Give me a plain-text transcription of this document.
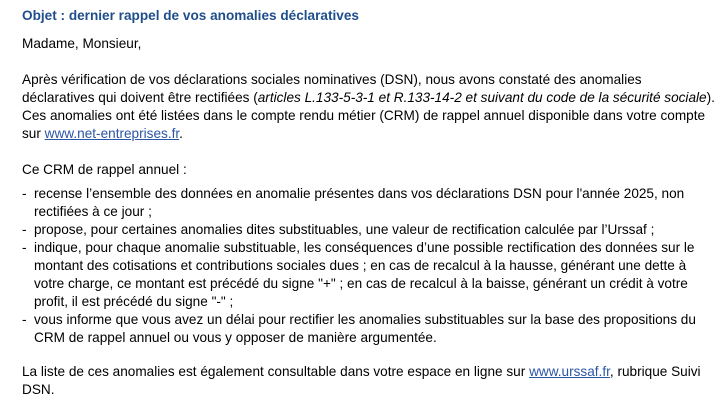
Objet : dernier rappel de vos anomalies déclaratives

Madame, Monsieur,

Après vérification de vos déclarations sociales nominatives (DSN), nous avons constaté des anomalies déclaratives qui doivent être rectifiées (articles L.133-5-3-1 et R.133-14-2 et suivant du code de la sécurité sociale).

Ces anomalies ont été listées dans le compte rendu métier (CRM) de rappel annuel disponible dans votre compte sur www.net-entreprises.fr.

Ce CRM de rappel annuel :

- recense l’ensemble des données en anomalie présentes dans vos déclarations DSN pour l'année 2025, non rectifiées à ce jour ;
- propose, pour certaines anomalies dites substituables, une valeur de rectification calculée par l’Urssaf ;
- indique, pour chaque anomalie substituable, les conséquences d’une possible rectification des données sur le montant des cotisations et contributions sociales dues ; en cas de recalcul à la hausse, générant une dette à votre charge, ce montant est précédé du signe "+" ; en cas de recalcul à la baisse, générant un crédit à votre profit, il est précédé du signe "-" ;
- vous informe que vous avez un délai pour rectifier les anomalies substituables sur la base des propositions du CRM de rappel annuel ou vous y opposer de manière argumentée.

La liste de ces anomalies est également consultable dans votre espace en ligne sur www.urssaf.fr, rubrique Suivi DSN.
